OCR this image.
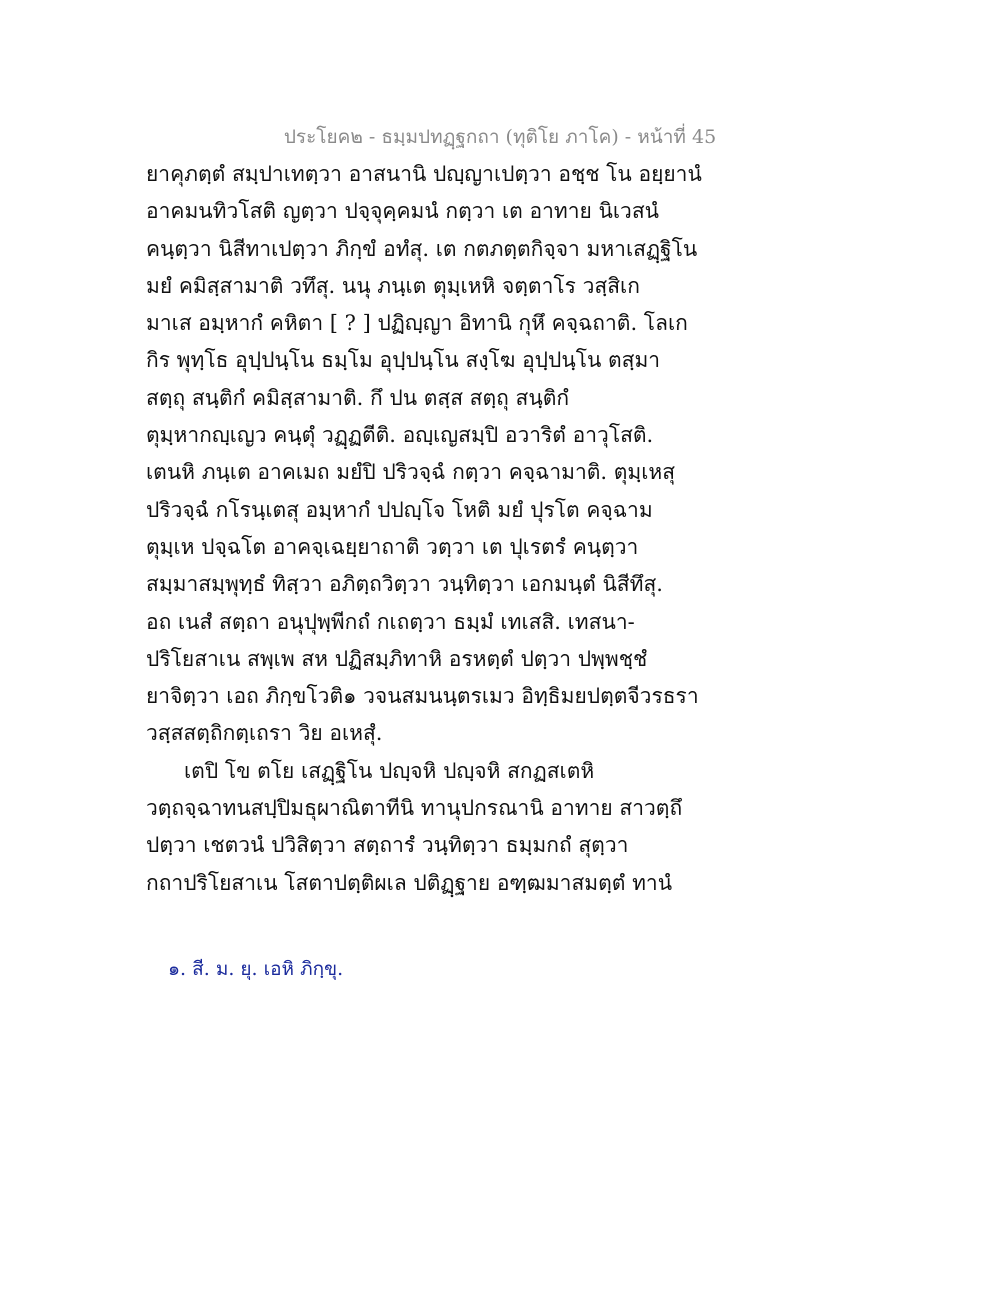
ประโยค๒ - ธมฺมปทฏฺฐกถา (ทุติโย ภาโค) - หน้าที่ 45
ยาคุภตฺตํ สมฺปาเทตฺวา อาสนานิ ปญฺญาเปตฺวา อชฺช โน อยฺยานํ
อาคมนทิวโสติ ญตฺวา ปจฺจุคฺคมนํ กตฺวา เต อาทาย นิเวสนํ
คนฺตฺวา นิสีทาเปตฺวา ภิกฺขํ อทํสุ. เต กตภตฺตกิจฺจา มหาเสฏฺฐิโน
มยํ คมิสฺสามาติ วทึสุ. นนุ ภนฺเต ตุมฺเหหิ จตฺตาโร วสฺสิเก
มาเส อมฺหากํ คหิตา [ ? ] ปฏิญฺญา อิทานิ กุหึ คจฺฉถาติ. โลเก
กิร พุทฺโธ อุปฺปนฺโน ธมฺโม อุปฺปนฺโน สงฺโฆ อุปฺปนฺโน ตสฺมา
สตฺถุ สนฺติกํ คมิสฺสามาติ. กึ ปน ตสฺส สตฺถุ สนฺติกํ
ตุมฺหากญฺเญว คนฺตุํ วฏฺฏตีติ. อญฺเญสมฺปิ อวาริตํ อาวุโสติ.
เตนหิ ภนฺเต อาคเมถ มยํปิ ปริวจฺฉํ กตฺวา คจฺฉามาติ. ตุมฺเหสุ
ปริวจฺฉํ กโรนฺเตสุ อมฺหากํ ปปญฺโจ โหติ มยํ ปุรโต คจฺฉาม
ตุมฺเห ปจฺฉโต อาคจฺเฉยฺยาถาติ วตฺวา เต ปุเรตรํ คนฺตฺวา
สมฺมาสมฺพุทฺธํ ทิสฺวา อภิตฺถวิตฺวา วนฺทิตฺวา เอกมนฺตํ นิสีทึสุ.
อถ เนสํ สตฺถา อนุปุพฺพีกถํ กเถตฺวา ธมฺมํ เทเสสิ. เทสนา-
ปริโยสาเน สพฺเพ สห ปฏิสมฺภิทาหิ อรหตฺตํ ปตฺวา ปพฺพชฺชํ
ยาจิตฺวา เอถ ภิกฺขโวติ๑ วจนสมนนฺตรเมว อิทฺธิมยปตฺตจีวรธรา
วสฺสสตฺถิกตฺเถรา วิย อเหสุํ.
เตปิ โข ตโย เสฏฺฐิโน ปญฺจหิ ปญฺจหิ สกฏสเตหิ
วตฺถจฺฉาทนสปฺปิมธุผาณิตาทีนิ ทานุปกรณานิ อาทาย สาวตฺถึ
ปตฺวา เชตวนํ ปวิสิตฺวา สตฺถารํ วนฺทิตฺวา ธมฺมกถํ สุตฺวา
กถาปริโยสาเน โสตาปตฺติผเล ปติฏฺฐาย อฑฺฒมาสมตฺตํ ทานํ
๑. สี. ม. ยุ. เอหิ ภิกฺขุ.
